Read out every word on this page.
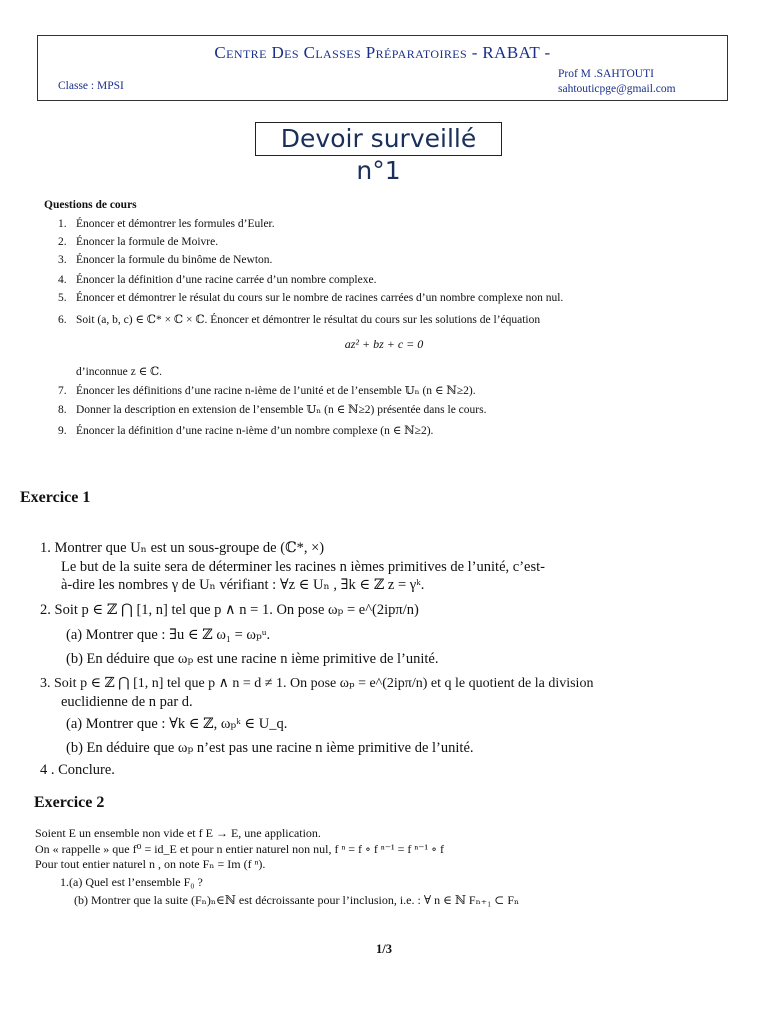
Centre Des Classes Préparatoires - RABAT -
Classe : MPSI
Prof M .SAHTOUTI
sahtouticpge@gmail.com
Devoir surveillé n°1
Questions de cours
1. Énoncer et démontrer les formules d’Euler.
2. Énoncer la formule de Moivre.
3. Énoncer la formule du binôme de Newton.
4. Énoncer la définition d’une racine carrée d’un nombre complexe.
5. Énoncer et démontrer le résulat du cours sur le nombre de racines carrées d’un nombre complexe non nul.
6. Soit (a, b, c) ∈ ℂ* × ℂ × ℂ. Énoncer et démontrer le résultat du cours sur les solutions de l’équation
az² + bz + c = 0
d’inconnue z ∈ ℂ.
7. Énoncer les définitions d’une racine n-ième de l’unité et de l’ensemble 𝕌ₙ (n ∈ ℕ≥2).
8. Donner la description en extension de l’ensemble 𝕌ₙ (n ∈ ℕ≥2) présentée dans le cours.
9. Énoncer la définition d’une racine n-ième d’un nombre complexe (n ∈ ℕ≥2).
Exercice 1
1. Montrer que Uₙ est un sous-groupe de (ℂ*, ×)
Le but de la suite sera de déterminer les racines n ièmes primitives de l’unité, c’est-
à-dire les nombres γ de Uₙ vérifiant : ∀z ∈ Uₙ , ∃k ∈ ℤ z = γᵏ.
2. Soit p ∈ ℤ ⋂ [1, n] tel que p ∧ n = 1. On pose ωₚ = e^(2ipπ/n)
(a) Montrer que : ∃u ∈ ℤ ω₁ = ωₚᵘ.
(b) En déduire que ωₚ est une racine n ième primitive de l’unité.
3. Soit p ∈ ℤ ⋂ [1, n] tel que p ∧ n = d ≠ 1. On pose ωₚ = e^(2ipπ/n) et q le quotient de la division
euclidienne de n par d.
(a) Montrer que : ∀k ∈ ℤ, ωₚᵏ ∈ U_q.
(b) En déduire que ωₚ n’est pas une racine n ième primitive de l’unité.
4 . Conclure.
Exercice 2
Soient E un ensemble non vide et f E → E, une application.
On « rappelle » que f⁰ = id_E et pour n entier naturel non nul, f ⁿ = f ∘ f ⁿ⁻¹ = f ⁿ⁻¹ ∘ f
Pour tout entier naturel n , on note Fₙ = Im (f ⁿ).
1.(a) Quel est l’ensemble F₀ ?
(b) Montrer que la suite (Fₙ)ₙ∈ℕ est décroissante pour l’inclusion, i.e. : ∀ n ∈ ℕ Fₙ₊₁ ⊂ Fₙ
1/3
